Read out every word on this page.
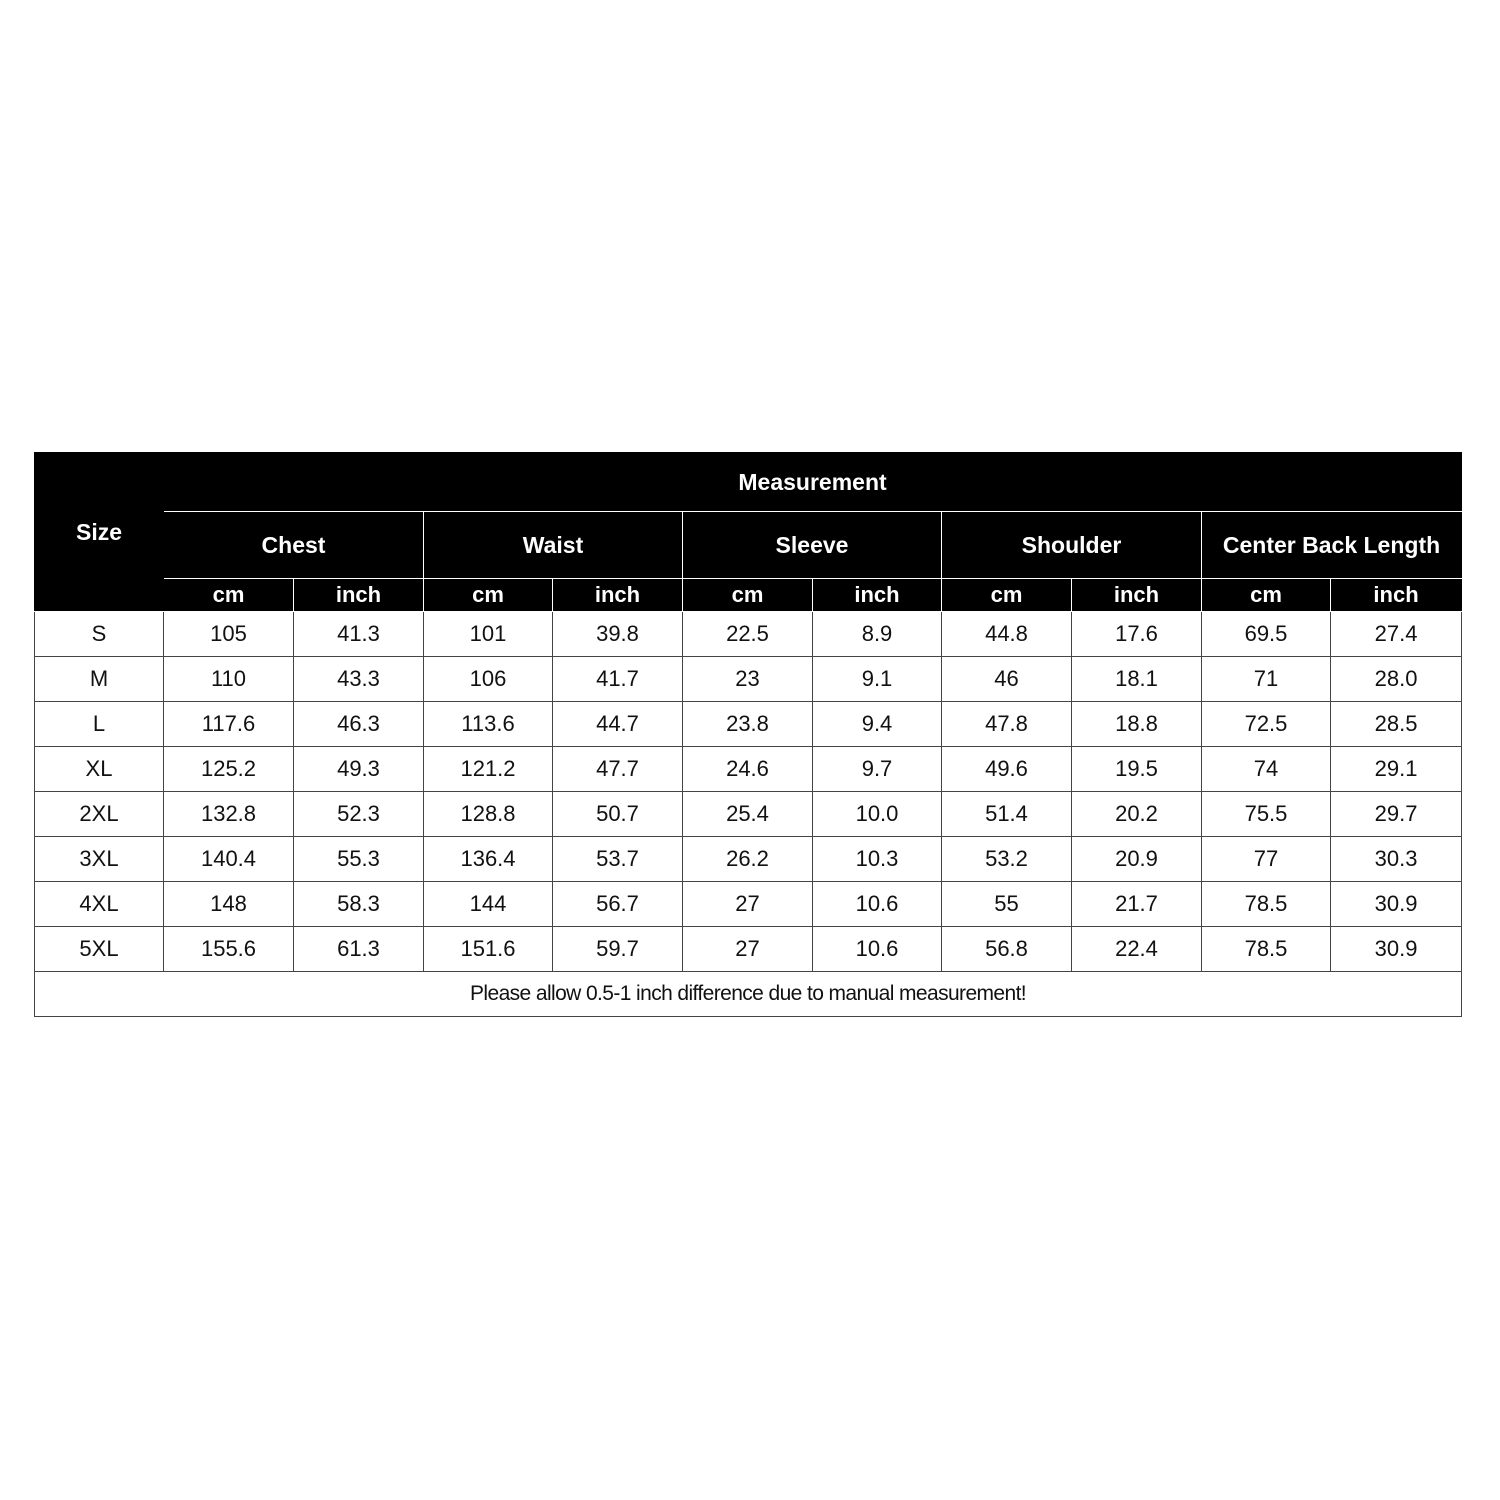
Size	Measurement									
	Chest		Waist		Sleeve		Shoulder		Center Back Length	
	cm	inch	cm	inch	cm	inch	cm	inch	cm	inch
S	105	41.3	101	39.8	22.5	8.9	44.8	17.6	69.5	27.4
M	110	43.3	106	41.7	23	9.1	46	18.1	71	28.0
L	117.6	46.3	113.6	44.7	23.8	9.4	47.8	18.8	72.5	28.5
XL	125.2	49.3	121.2	47.7	24.6	9.7	49.6	19.5	74	29.1
2XL	132.8	52.3	128.8	50.7	25.4	10.0	51.4	20.2	75.5	29.7
3XL	140.4	55.3	136.4	53.7	26.2	10.3	53.2	20.9	77	30.3
4XL	148	58.3	144	56.7	27	10.6	55	21.7	78.5	30.9
5XL	155.6	61.3	151.6	59.7	27	10.6	56.8	22.4	78.5	30.9
Please allow 0.5-1 inch difference due to manual measurement!										
